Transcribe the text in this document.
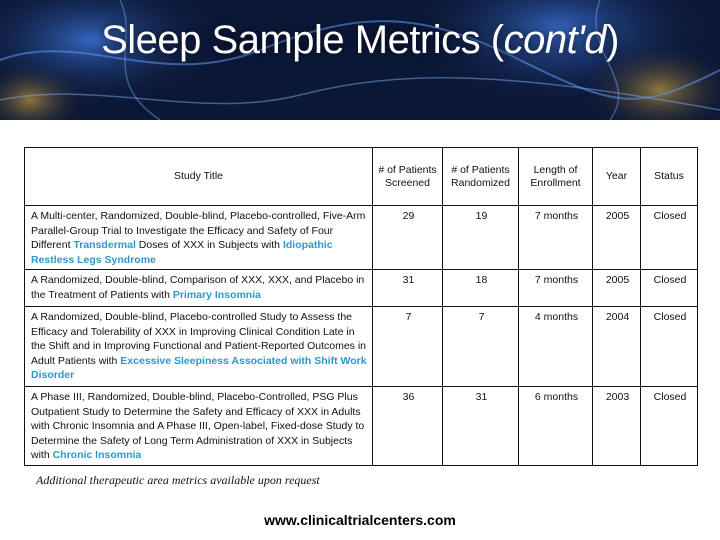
Sleep Sample Metrics (cont'd)
Study Title	# of Patients Screened	# of Patients Randomized	Length of Enrollment	Year	Status
A Multi-center, Randomized, Double-blind, Placebo-controlled, Five-Arm Parallel-Group Trial to Investigate the Efficacy and Safety of Four Different Transdermal Doses of XXX in Subjects with Idiopathic Restless Legs Syndrome	29	19	7 months	2005	Closed
A Randomized, Double-blind, Comparison of XXX, XXX, and Placebo in the Treatment of Patients with Primary Insomnia	31	18	7 months	2005	Closed
A Randomized, Double-blind, Placebo-controlled Study to Assess the Efficacy and Tolerability of XXX in Improving Clinical Condition Late in the Shift and in Improving Functional and Patient-Reported Outcomes in Adult Patients with Excessive Sleepiness Associated with Shift Work Disorder	7	7	4 months	2004	Closed
A Phase III, Randomized, Double-blind, Placebo-Controlled, PSG Plus Outpatient Study to Determine the Safety and Efficacy of XXX in Adults with Chronic Insomnia and A Phase III, Open-label, Fixed-dose Study to Determine the Safety of Long Term Administration of XXX in Subjects with Chronic Insomnia	36	31	6 months	2003	Closed
Additional therapeutic area metrics available upon request
www.clinicaltrialcenters.com
